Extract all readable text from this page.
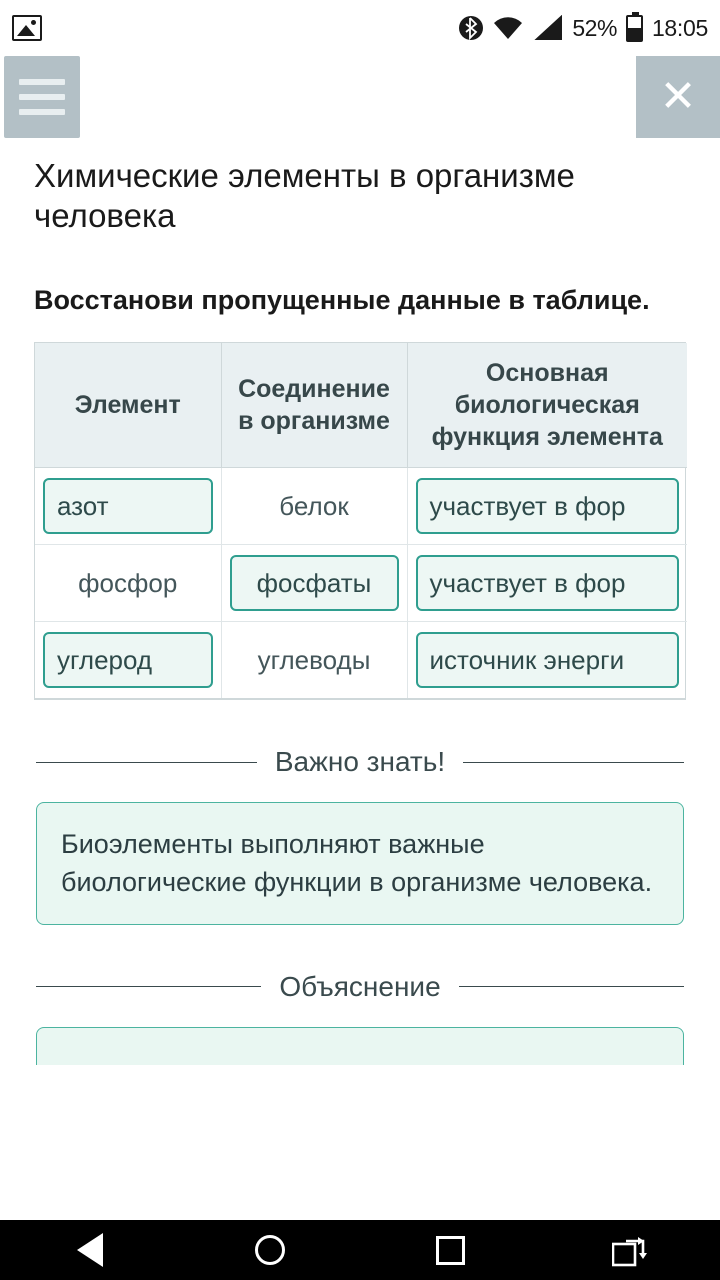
52% 18:05
✕
Химические элементы в организме человека
Восстанови пропущенные данные в таблице.
Элемент	Соединение в организме	Основная биологическая функция элемента

азот	белок	участвует в фор

фосфор	фосфаты	участвует в фор

углерод	углеводы	источник энерги
Важно знать!
Биоэлементы выполняют важные биологические функции в организме человека.
Объяснение
